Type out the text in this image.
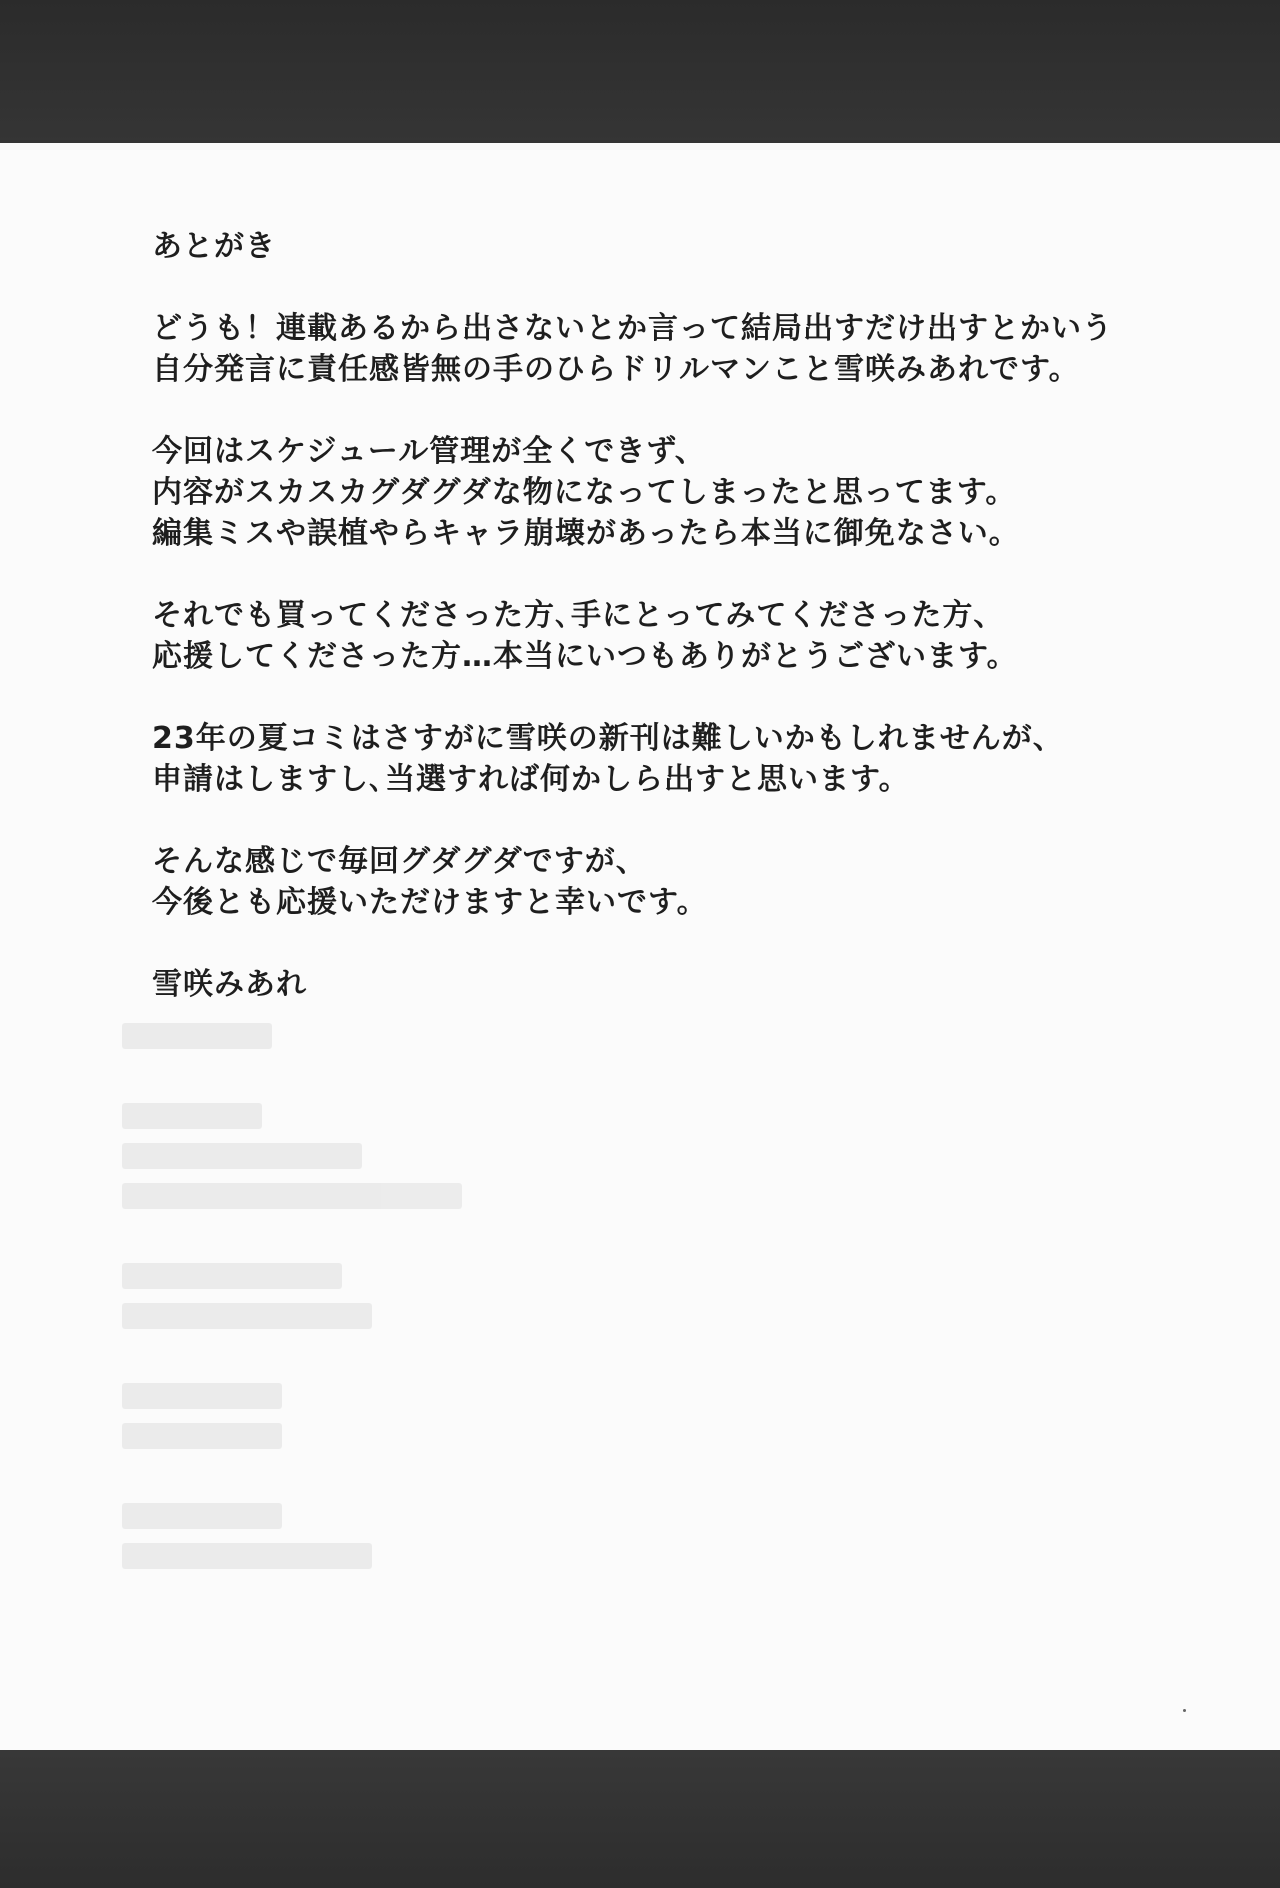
あとがき
どうも！連載あるから出さないとか言って結局出すだけ出すとかいう
自分発言に責任感皆無の手のひらドリルマンこと雪咲みあれです。
今回はスケジュール管理が全くできず、
内容がスカスカグダグダな物になってしまったと思ってます。
編集ミスや誤植やらキャラ崩壊があったら本当に御免なさい。
それでも買ってくださった方､手にとってみてくださった方、
応援してくださった方…本当にいつもありがとうございます。
23年の夏コミはさすがに雪咲の新刊は難しいかもしれませんが、
申請はしますし､当選すれば何かしら出すと思います。
そんな感じで毎回グダグダですが、
今後とも応援いただけますと幸いです。
雪咲みあれ
